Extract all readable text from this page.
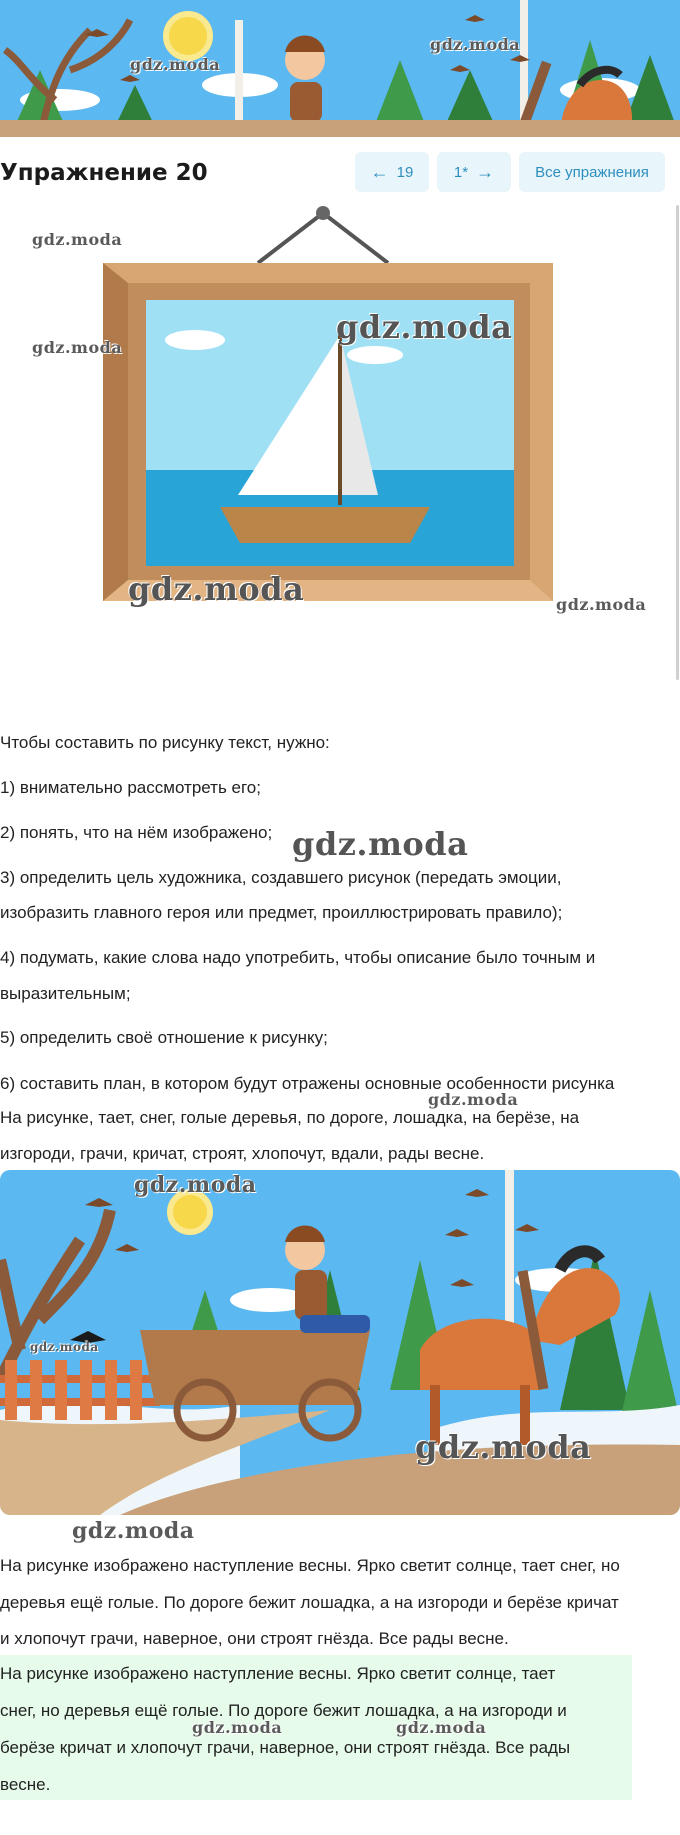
gdz.moda
gdz.moda
Упражнение 20	← 19	1* →	Все упражнения
gdz.moda
gdz.moda
gdz.moda
gdz.moda	gdz.moda
Чтобы составить по рисунку текст, нужно:
1) внимательно рассмотреть его;
2) понять, что на нём изображено; gdz.moda
3) определить цель художника, создавшего рисунок (передать эмоции,
изобразить главного героя или предмет, проиллюстрировать правило);
4) подумать, какие слова надо употребить, чтобы описание было точным и
выразительным;
5) определить своё отношение к рисунку;
6) составить план, в котором будут отражены основные особенности рисунка
На рисунке, тает, снег, голые деревья, по дороге, лошадка, на берёзе, на
gdz.moda
изгороди, грачи, кричат, строят, хлопочут, вдали, рады весне.
gdz.moda
gdz.moda
gdz.moda
gdz.moda
На рисунке изображено наступление весны. Ярко светит солнце, тает снег, но
деревья ещё голые. По дороге бежит лошадка, а на изгороди и берёзе кричат
и хлопочут грачи, наверное, они строят гнёзда. Все рады весне.

На рисунке изображено наступление весны. Ярко светит солнце, тает

снег, но деревья ещё голые. По дороге бежит лошадка, а на изгороди и

берёзе кричат и хлопочут грачи, наверное, они строят гнёзда. Все рады

весне.

gdz.moda	gdz.moda
